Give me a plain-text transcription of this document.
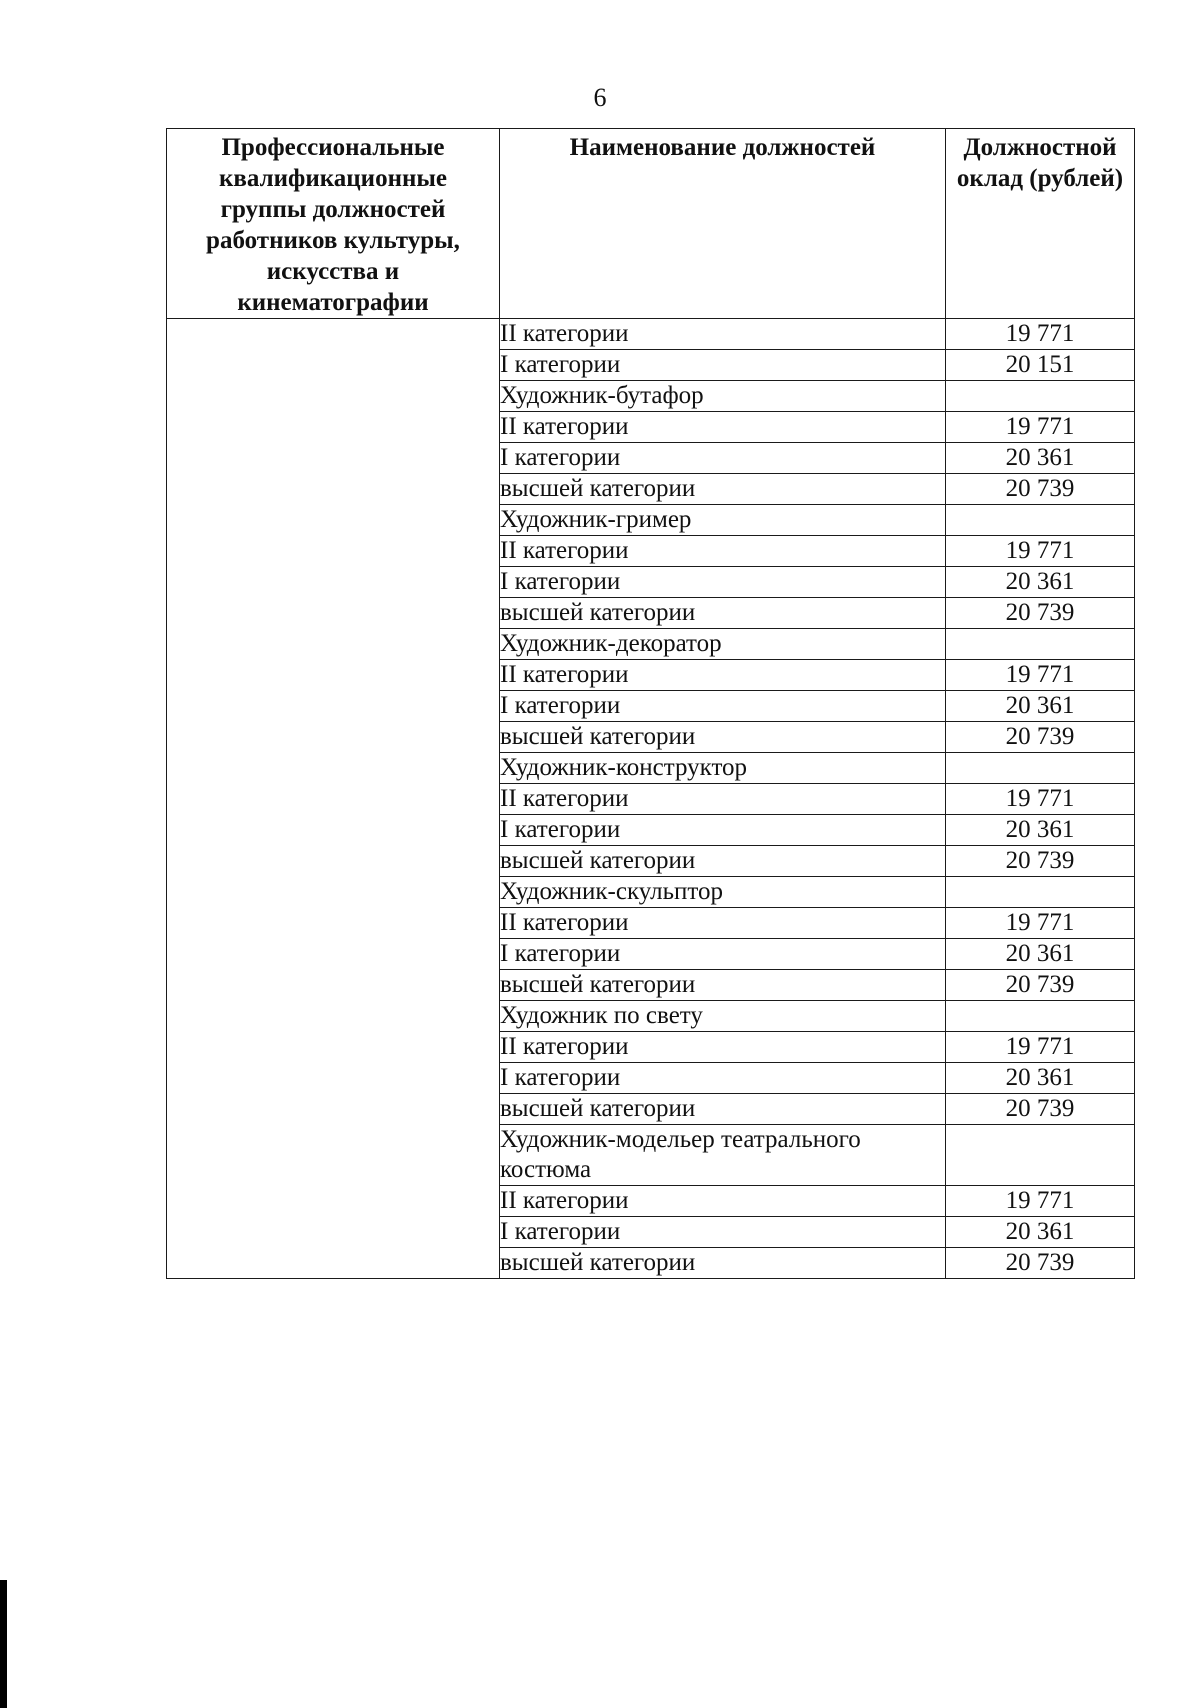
6
Профессиональные квалификационные группы должностей работников культуры, искусства и кинематографии	Наименование должностей	Должностной оклад (рублей)
	II категории	19 771
	I категории	20 151
	Художник-бутафор	
	II категории	19 771
	I категории	20 361
	высшей категории	20 739
	Художник-гример	
	II категории	19 771
	I категории	20 361
	высшей категории	20 739
	Художник-декоратор	
	II категории	19 771
	I категории	20 361
	высшей категории	20 739
	Художник-конструктор	
	II категории	19 771
	I категории	20 361
	высшей категории	20 739
	Художник-скульптор	
	II категории	19 771
	I категории	20 361
	высшей категории	20 739
	Художник по свету	
	II категории	19 771
	I категории	20 361
	высшей категории	20 739
	Художник-модельер театрального костюма	
	II категории	19 771
	I категории	20 361
	высшей категории	20 739
